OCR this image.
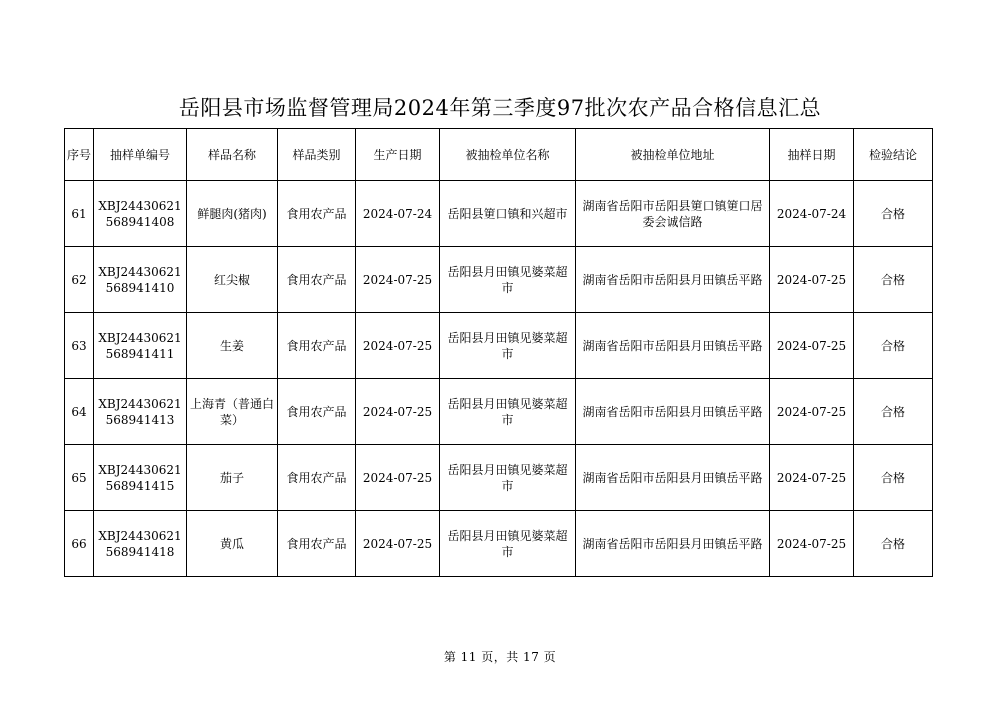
岳阳县市场监督管理局2024年第三季度97批次农产品合格信息汇总
序号	抽样单编号	样品名称	样品类别	生产日期	被抽检单位名称	被抽检单位地址	抽样日期	检验结论
61	XBJ24430621568941408	鲜腿肉(猪肉)	食用农产品	2024-07-24	岳阳县筻口镇和兴超市	湖南省岳阳市岳阳县筻口镇筻口居委会诚信路	2024-07-24	合格
62	XBJ24430621568941410	红尖椒	食用农产品	2024-07-25	岳阳县月田镇见婆菜超市	湖南省岳阳市岳阳县月田镇岳平路	2024-07-25	合格
63	XBJ24430621568941411	生姜	食用农产品	2024-07-25	岳阳县月田镇见婆菜超市	湖南省岳阳市岳阳县月田镇岳平路	2024-07-25	合格
64	XBJ24430621568941413	上海青（普通白菜）	食用农产品	2024-07-25	岳阳县月田镇见婆菜超市	湖南省岳阳市岳阳县月田镇岳平路	2024-07-25	合格
65	XBJ24430621568941415	茄子	食用农产品	2024-07-25	岳阳县月田镇见婆菜超市	湖南省岳阳市岳阳县月田镇岳平路	2024-07-25	合格
66	XBJ24430621568941418	黄瓜	食用农产品	2024-07-25	岳阳县月田镇见婆菜超市	湖南省岳阳市岳阳县月田镇岳平路	2024-07-25	合格
第 11 页，共 17 页
